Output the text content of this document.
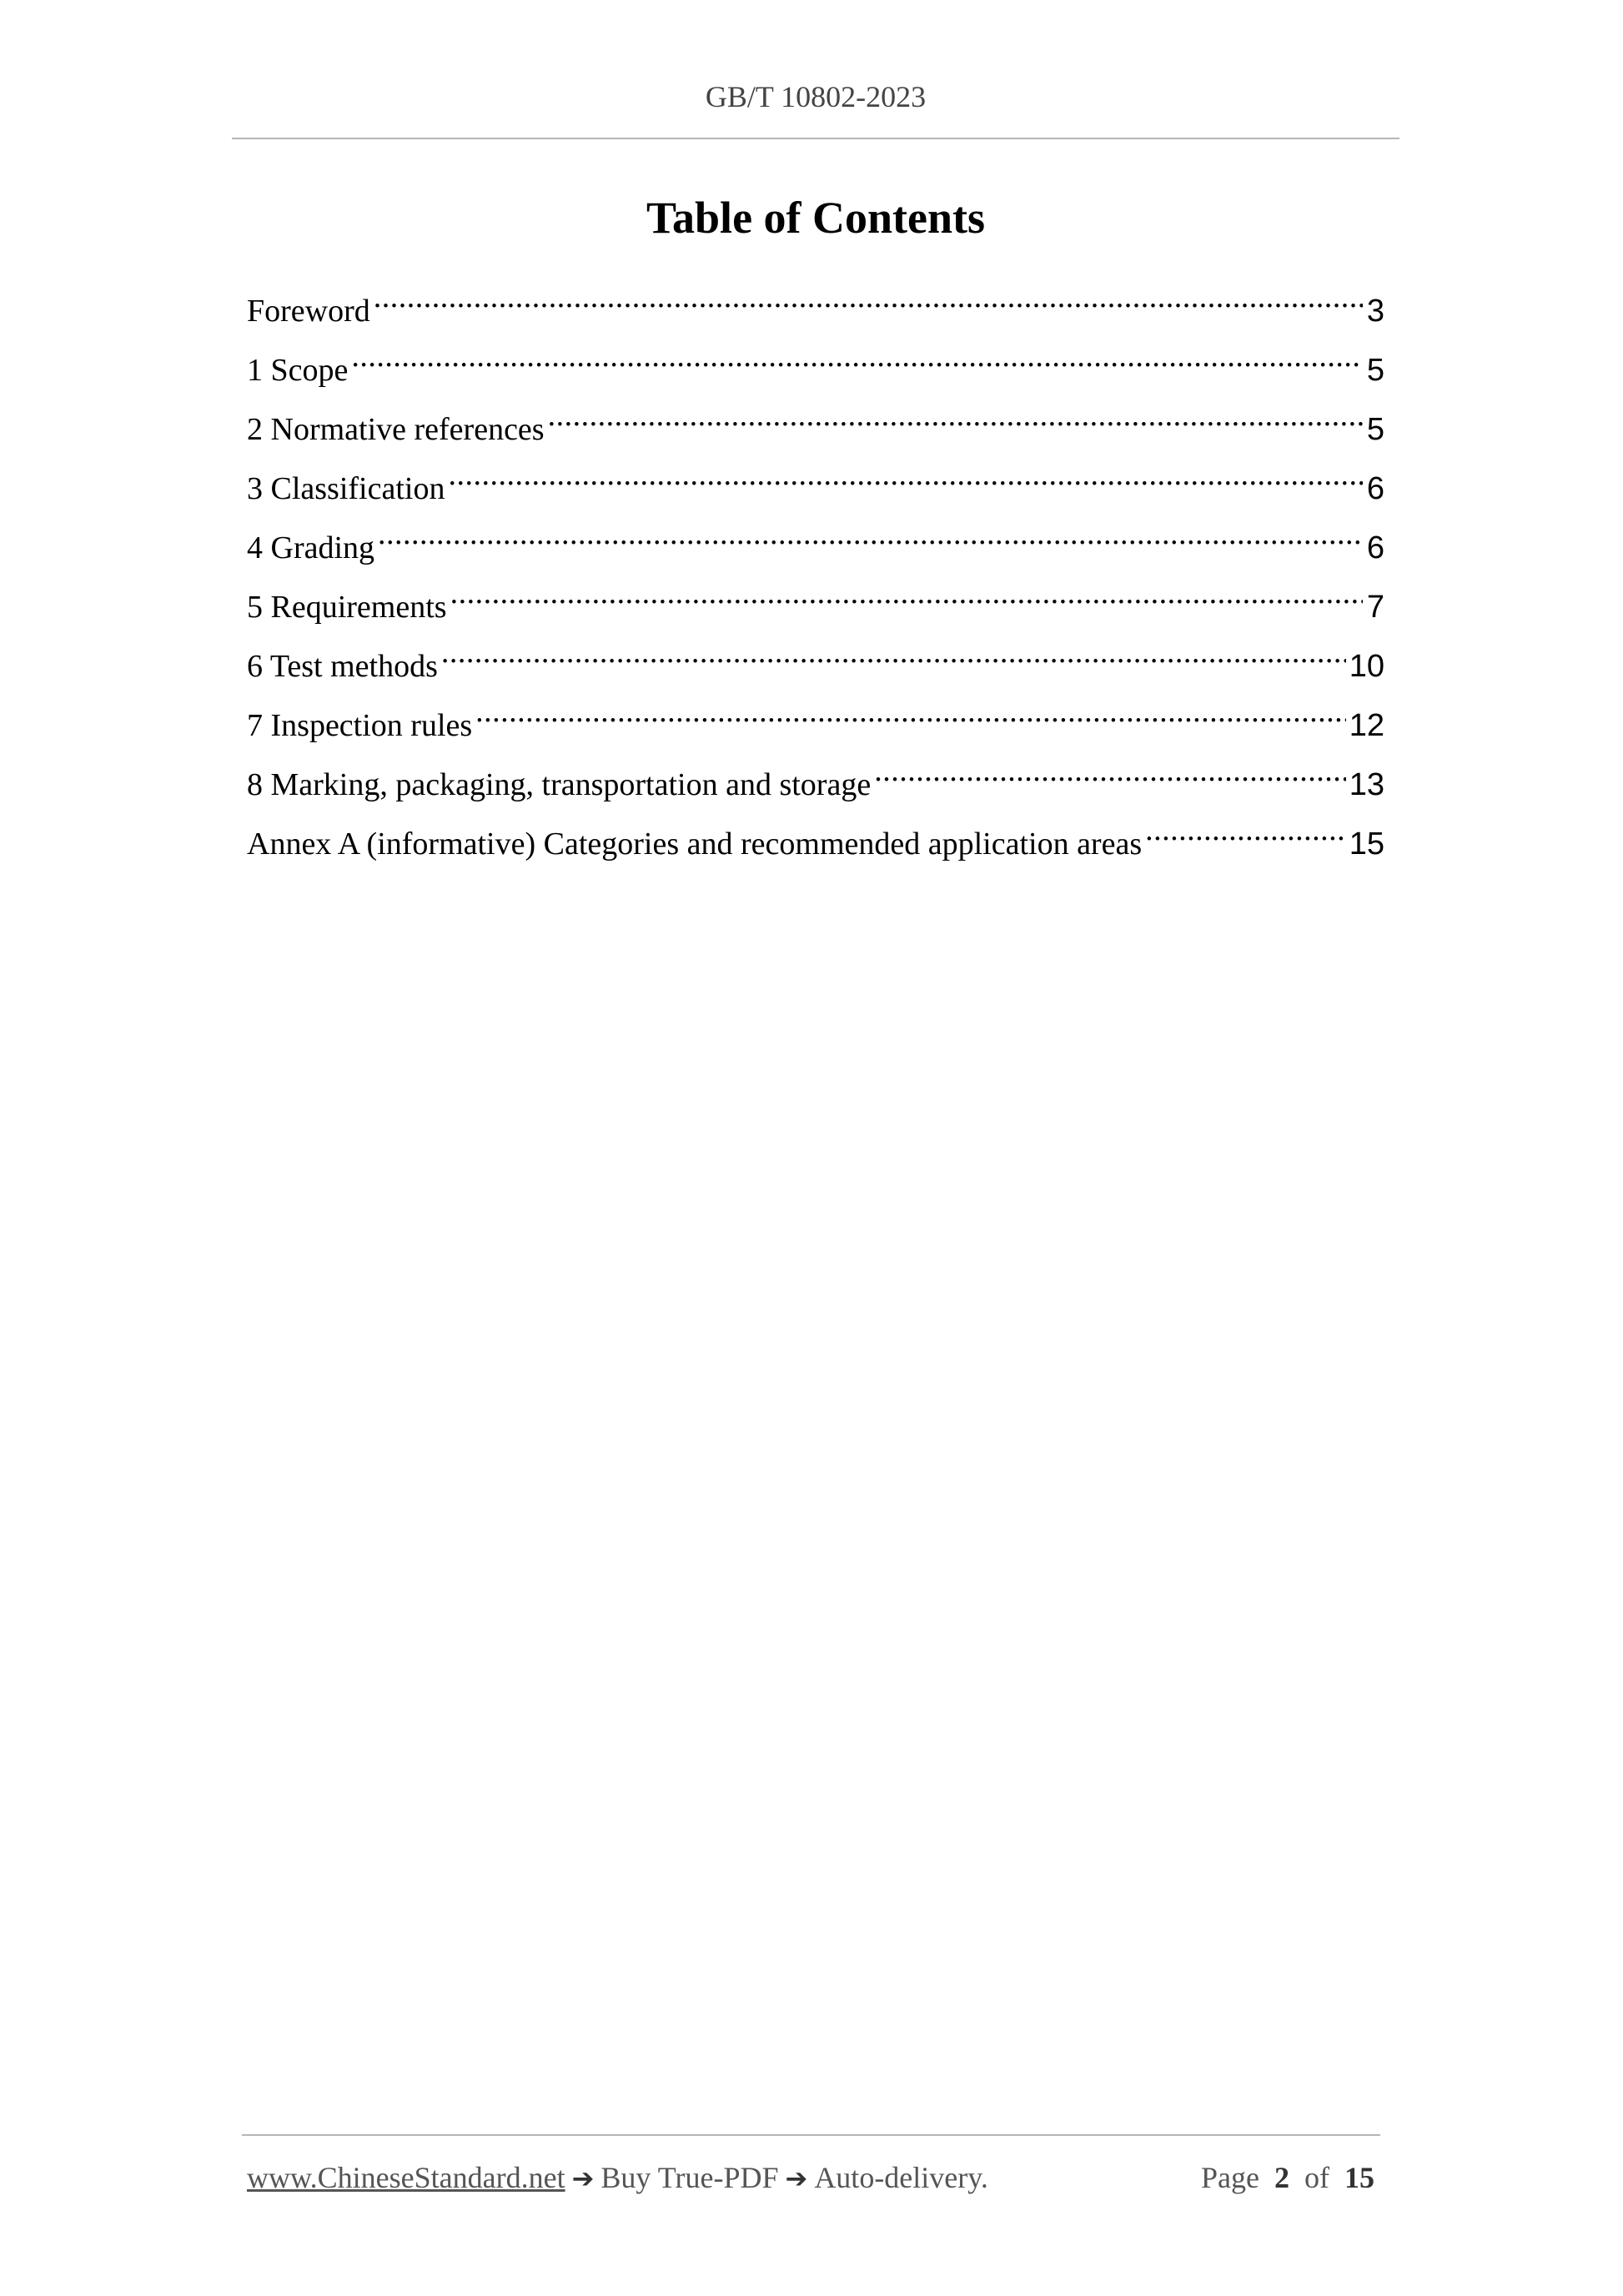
GB/T 10802-2023
Table of Contents
Foreword .....	3
1 Scope .....	5
2 Normative references .....	5
3 Classification .....	6
4 Grading .....	6
5 Requirements .....	7
6 Test methods .....	10
7 Inspection rules .....	12
8 Marking, packaging, transportation and storage .....	13
Annex A (informative) Categories and recommended application areas .....	15
www.ChineseStandard.net ➔ Buy True-PDF ➔ Auto-delivery.	Page 2 of 15
